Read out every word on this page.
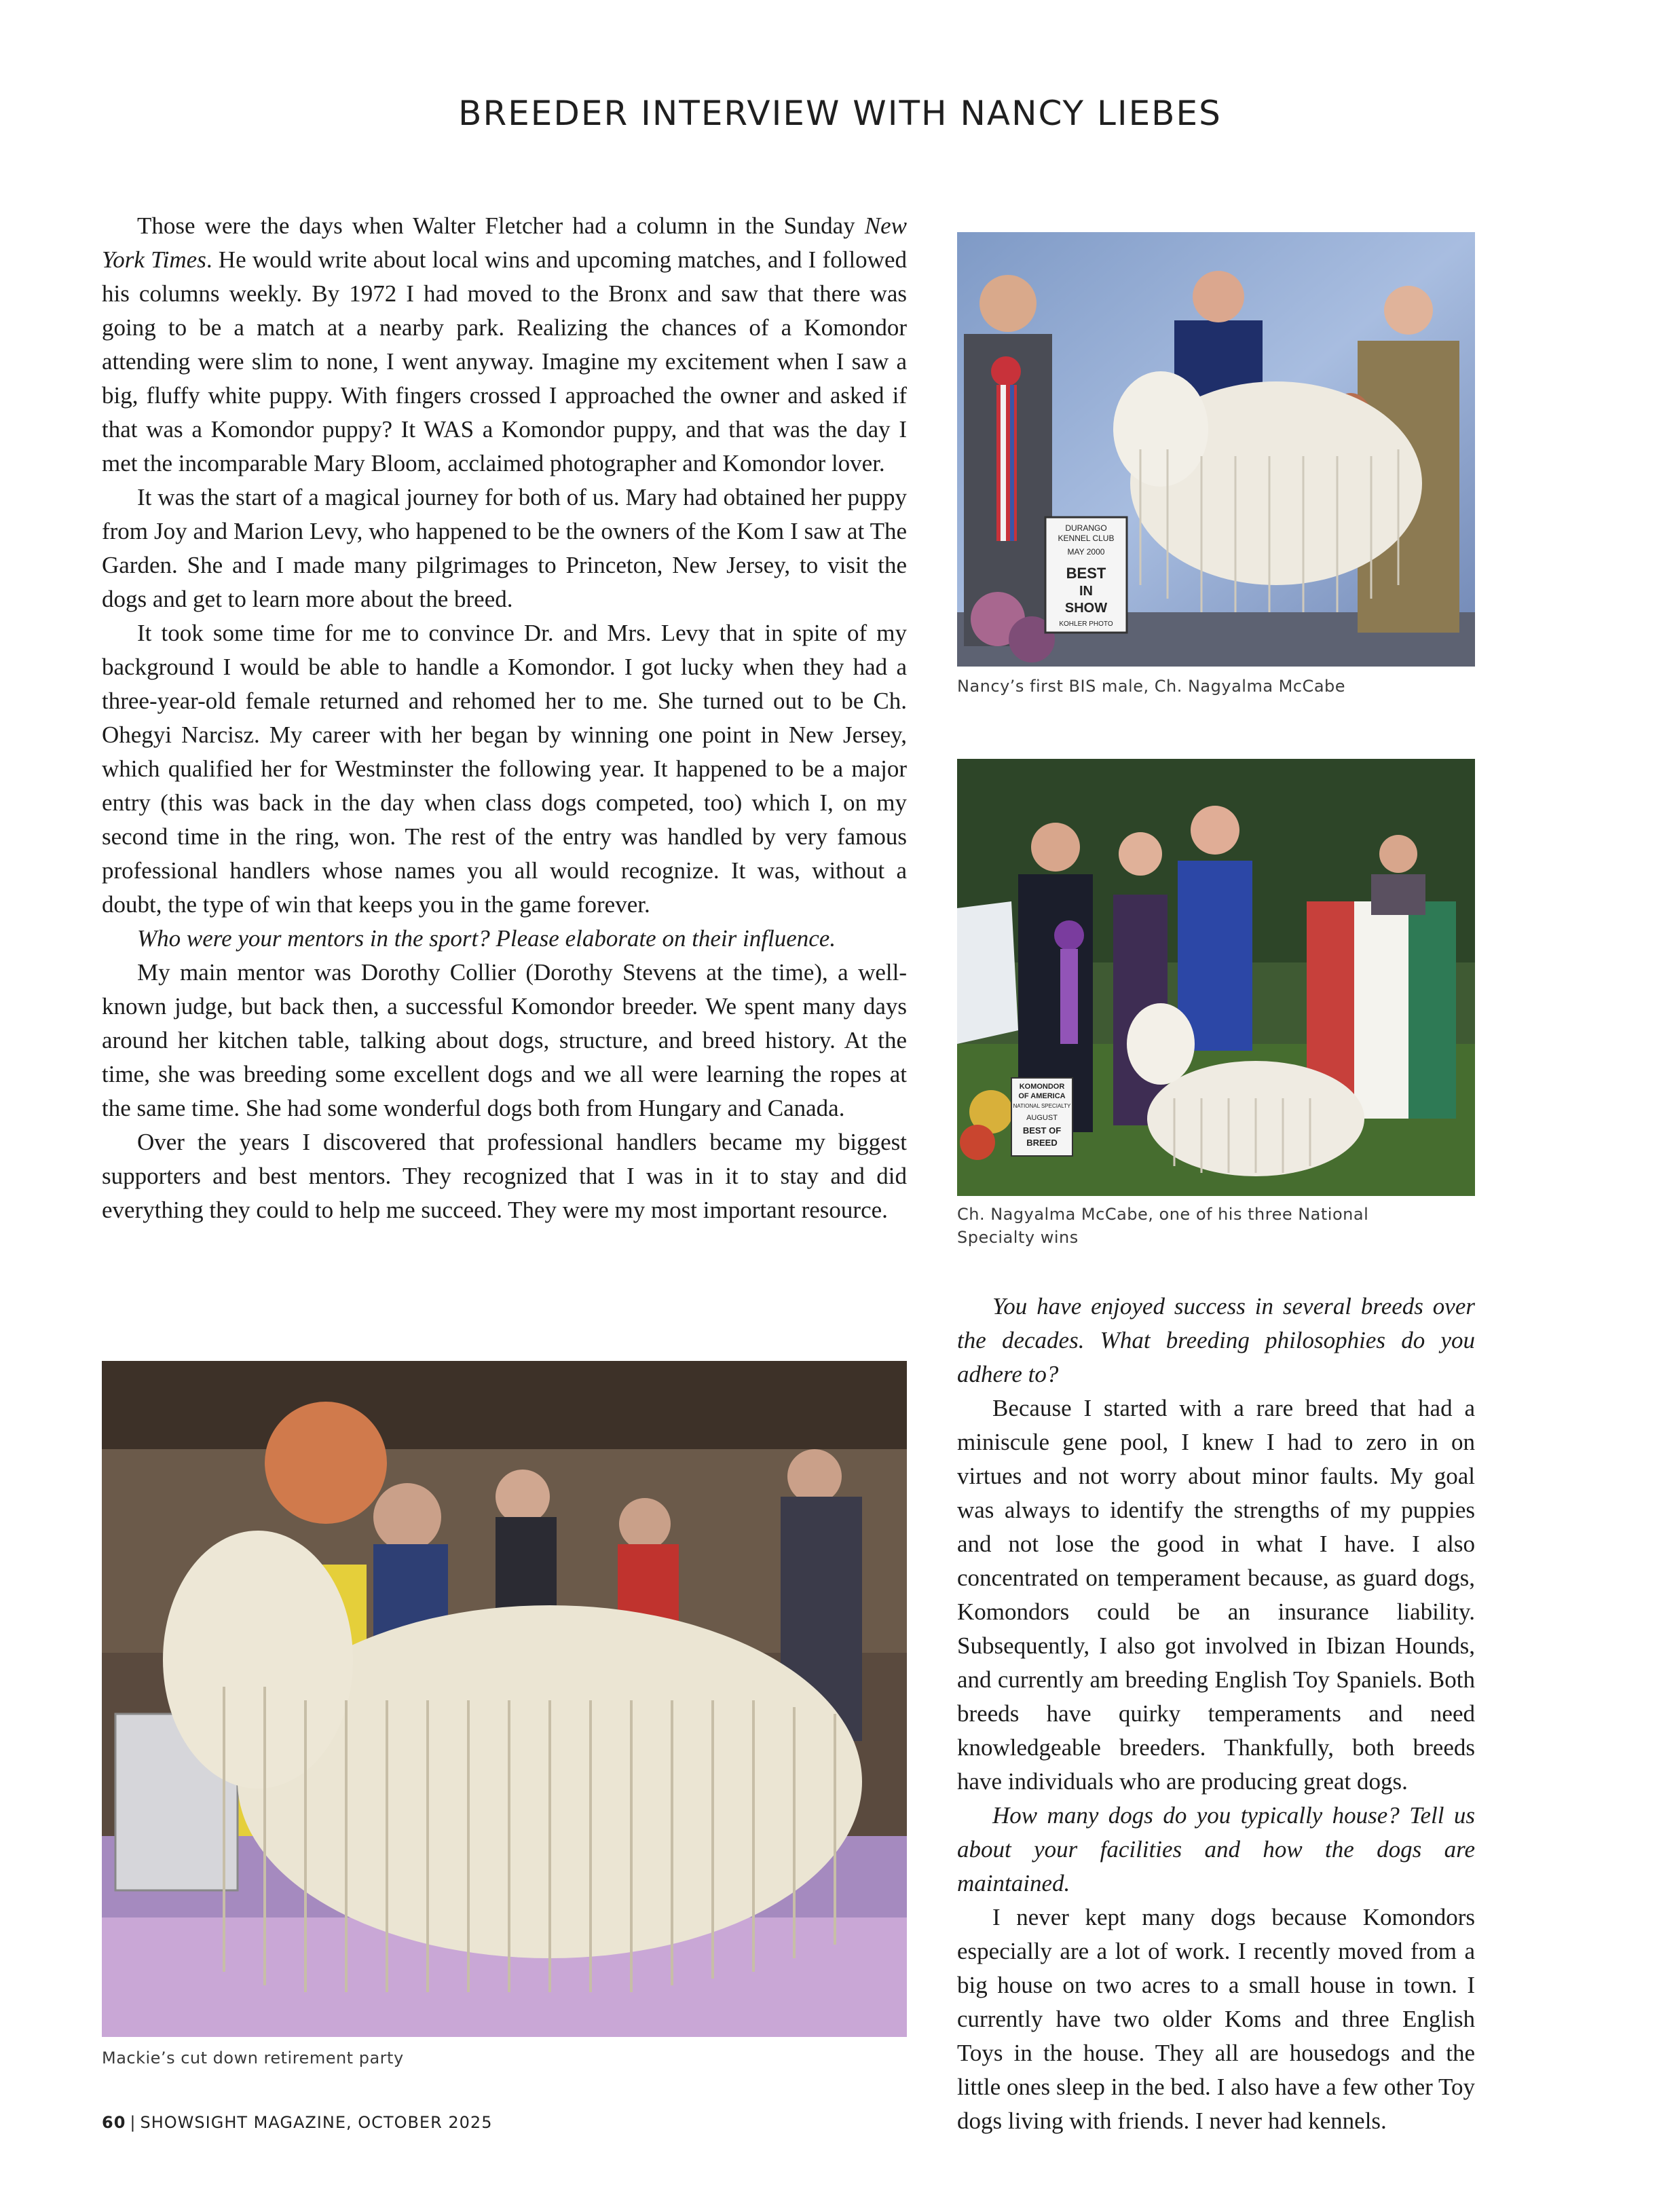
BREEDER INTERVIEW WITH NANCY LIEBES

Those were the days when Walter Fletcher had a column in the Sunday New York Times. He would write about local wins and upcoming matches, and I followed his columns weekly. By 1972 I had moved to the Bronx and saw that there was going to be a match at a nearby park. Realizing the chances of a Komondor attending were slim to none, I went anyway. Imagine my excitement when I saw a big, fluffy white puppy. With fingers crossed I approached the owner and asked if that was a Komondor puppy? It WAS a Komondor puppy, and that was the day I met the incomparable Mary Bloom, acclaimed photographer and Komondor lover.

It was the start of a magical journey for both of us. Mary had obtained her puppy from Joy and Marion Levy, who happened to be the owners of the Kom I saw at The Garden. She and I made many pilgrimages to Princeton, New Jersey, to visit the dogs and get to learn more about the breed.

It took some time for me to convince Dr. and Mrs. Levy that in spite of my background I would be able to handle a Komondor. I got lucky when they had a three-year-old female returned and rehomed her to me. She turned out to be Ch. Ohegyi Narcisz. My career with her began by winning one point in New Jersey, which qualified her for Westminster the following year. It happened to be a major entry (this was back in the day when class dogs competed, too) which I, on my second time in the ring, won. The rest of the entry was handled by very famous professional handlers whose names you all would recognize. It was, without a doubt, the type of win that keeps you in the game forever.

Who were your mentors in the sport? Please elaborate on their influence.

My main mentor was Dorothy Collier (Dorothy Stevens at the time), a well-known judge, but back then, a successful Komondor breeder. We spent many days around her kitchen table, talking about dogs, structure, and breed history. At the time, she was breeding some excellent dogs and we all were learning the ropes at the same time. She had some wonderful dogs both from Hungary and Canada.

Over the years I discovered that professional handlers became my biggest supporters and best mentors. They recognized that I was in it to stay and did everything they could to help me succeed. They were my most important resource.

DURANGO
KENNEL CLUB
MAY 2000
BEST
IN
SHOW
KOHLER PHOTO
Nancy’s first BIS male, Ch. Nagyalma McCabe
KOMONDOR
OF AMERICA
NATIONAL SPECIALTY
AUGUST
BEST OF
BREED
Ch. Nagyalma McCabe, one of his three National Specialty wins

You have enjoyed success in several breeds over the decades. What breeding philosophies do you adhere to?

Because I started with a rare breed that had a miniscule gene pool, I knew I had to zero in on virtues and not worry about minor faults. My goal was always to identify the strengths of my puppies and not lose the good in what I have. I also concentrated on temperament because, as guard dogs, Komondors could be an insurance liability. Subsequently, I also got involved in Ibizan Hounds, and currently am breeding English Toy Spaniels. Both breeds have quirky temperaments and need knowledgeable breeders. Thankfully, both breeds have individuals who are producing great dogs.

How many dogs do you typically house? Tell us about your facilities and how the dogs are maintained.

I never kept many dogs because Komondors especially are a lot of work. I recently moved from a big house on two acres to a small house in town. I currently have two older Koms and three English Toys in the house. They all are housedogs and the little ones sleep in the bed. I also have a few other Toy dogs living with friends. I never had kennels.

Mackie’s cut down retirement party
60 | SHOWSIGHT MAGAZINE, OCTOBER 2025
